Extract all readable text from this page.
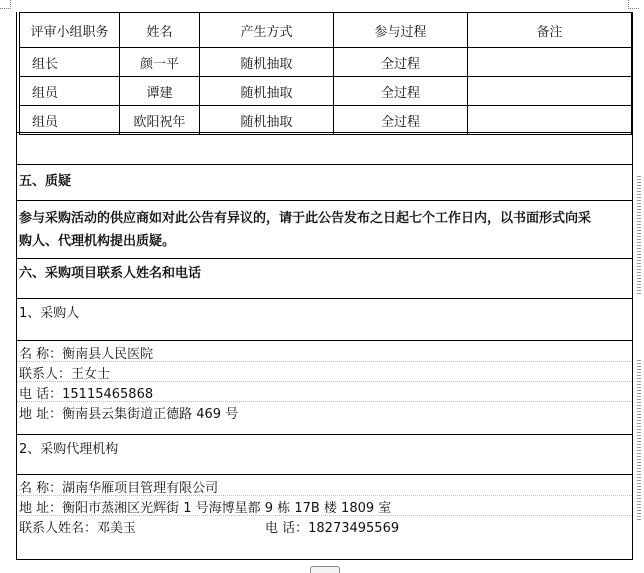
评审小组职务	姓名	产生方式	参与过程	备注
组长	颜一平	随机抽取	全过程	
组员	谭建	随机抽取	全过程	
组员	欧阳祝年	随机抽取	全过程	
五、质疑
参与采购活动的供应商如对此公告有异议的，请于此公告发布之日起七个工作日内，以书面形式向采
购人、代理机构提出质疑。
六、采购项目联系人姓名和电话
1、采购人
名 称：衡南县人民医院
联系人：王女士
电 话：15115465868
地 址：衡南县云集街道正德路 469 号
2、采购代理机构
名 称：湖南华雁项目管理有限公司
地 址：衡阳市蒸湘区光辉街 1 号海博星都 9 栋 17B 楼 1809 室
联系人姓名：邓美玉	电 话：18273495569
